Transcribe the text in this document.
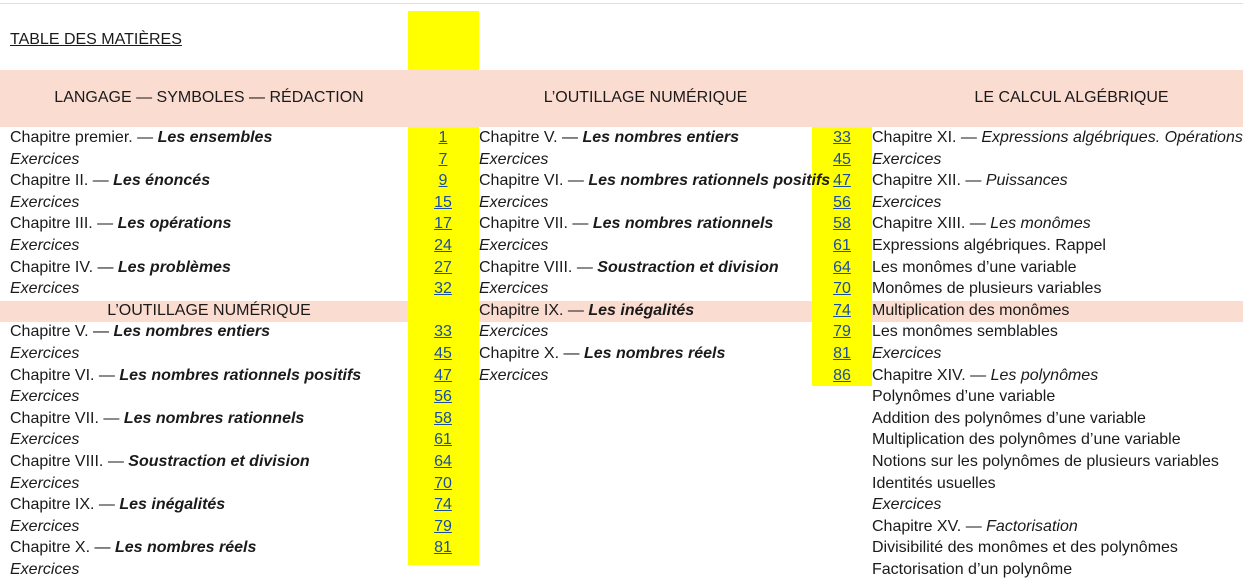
TABLE DES MATIÈRES
LANGAGE — SYMBOLES — RÉDACTION	L’OUTILLAGE NUMÉRIQUE	LE CALCUL ALGÉBRIQUE
Chapitre premier. — Les ensembles	1
Exercices	7
Chapitre II. — Les énoncés	9
Exercices	15
Chapitre III. — Les opérations	17
Exercices	24
Chapitre IV. — Les problèmes	27
Exercices	32
Chapitre V. — Les nombres entiers	33
Exercices	45
Chapitre VI. — Les nombres rationnels positifs	47
Exercices	56
Chapitre VII. — Les nombres rationnels	58
Exercices	61
Chapitre VIII. — Soustraction et division	64
Exercices	70
Chapitre IX. — Les inégalités	74
Exercices	79
Chapitre X. — Les nombres réels	81
Exercices
Chapitre V. — Les nombres entiers	33
Exercices	45
Chapitre VI. — Les nombres rationnels positifs 47
Exercices	56
Chapitre VII. — Les nombres rationnels	58
Exercices	61
Chapitre VIII. — Soustraction et division	64
Exercices	70
Chapitre IX. — Les inégalités	74
Exercices	79
Chapitre X. — Les nombres réels	81
Exercices	86
Chapitre XI. — Expressions algébriques. Opérations
Exercices
Chapitre XII. — Puissances
Exercices
Chapitre XIII. — Les monômes
Expressions algébriques. Rappel
Les monômes d’une variable
Monômes de plusieurs variables
Multiplication des monômes
Les monômes semblables
Exercices
Chapitre XIV. — Les polynômes
Polynômes d’une variable
Addition des polynômes d’une variable
Multiplication des polynômes d’une variable
Notions sur les polynômes de plusieurs variables
Identités usuelles
Exercices
Chapitre XV. — Factorisation
Divisibilité des monômes et des polynômes
Factorisation d’un polynôme
L’OUTILLAGE NUMÉRIQUE
